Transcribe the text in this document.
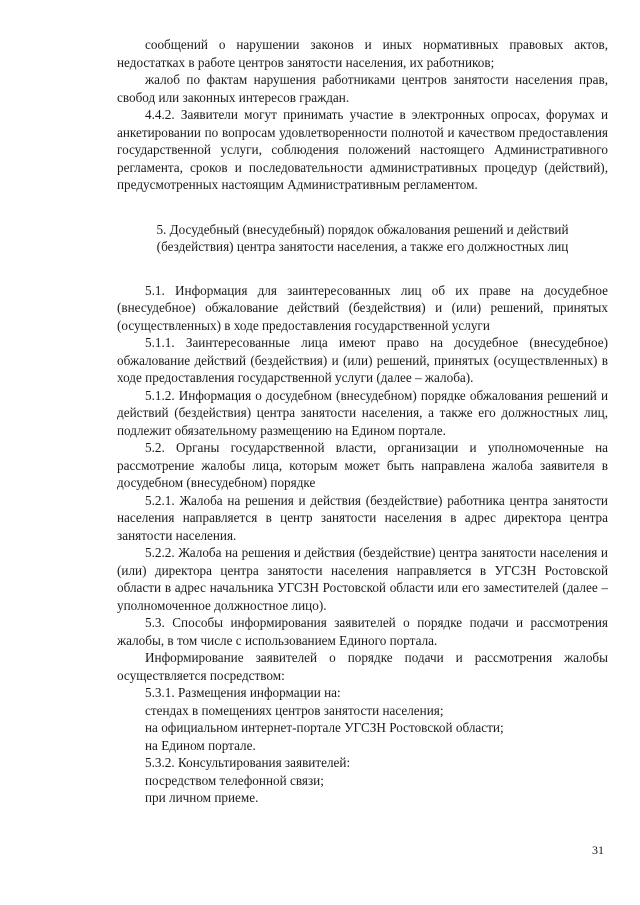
сообщений о нарушении законов и иных нормативных правовых актов, недостатках в работе центров занятости населения, их работников;

жалоб по фактам нарушения работниками центров занятости населения прав, свобод или законных интересов граждан.

4.4.2. Заявители могут принимать участие в электронных опросах, форумах и анкетировании по вопросам удовлетворенности полнотой и качеством предоставления государственной услуги, соблюдения положений настоящего Административного регламента, сроков и последовательности административных процедур (действий), предусмотренных настоящим Административным регламентом.

5. Досудебный (внесудебный) порядок обжалования решений и действий (бездействия) центра занятости населения, а также его должностных лиц

5.1. Информация для заинтересованных лиц об их праве на досудебное (внесудебное) обжалование действий (бездействия) и (или) решений, принятых (осуществленных) в ходе предоставления государственной услуги

5.1.1. Заинтересованные лица имеют право на досудебное (внесудебное) обжалование действий (бездействия) и (или) решений, принятых (осуществленных) в ходе предоставления государственной услуги (далее – жалоба).

5.1.2. Информация о досудебном (внесудебном) порядке обжалования решений и действий (бездействия) центра занятости населения, а также его должностных лиц, подлежит обязательному размещению на Едином портале.

5.2. Органы государственной власти, организации и уполномоченные на рассмотрение жалобы лица, которым может быть направлена жалоба заявителя в досудебном (внесудебном) порядке

5.2.1. Жалоба на решения и действия (бездействие) работника центра занятости населения направляется в центр занятости населения в адрес директора центра занятости населения.

5.2.2. Жалоба на решения и действия (бездействие) центра занятости населения и (или) директора центра занятости населения направляется в УГСЗН Ростовской области в адрес начальника УГСЗН Ростовской области или его заместителей (далее – уполномоченное должностное лицо).

5.3. Способы информирования заявителей о порядке подачи и рассмотрения жалобы, в том числе с использованием Единого портала.

Информирование заявителей о порядке подачи и рассмотрения жалобы осуществляется посредством:

5.3.1. Размещения информации на:

стендах в помещениях центров занятости населения;

на официальном интернет-портале УГСЗН Ростовской области;

на Едином портале.

5.3.2. Консультирования заявителей:

посредством телефонной связи;

при личном приеме.

31
